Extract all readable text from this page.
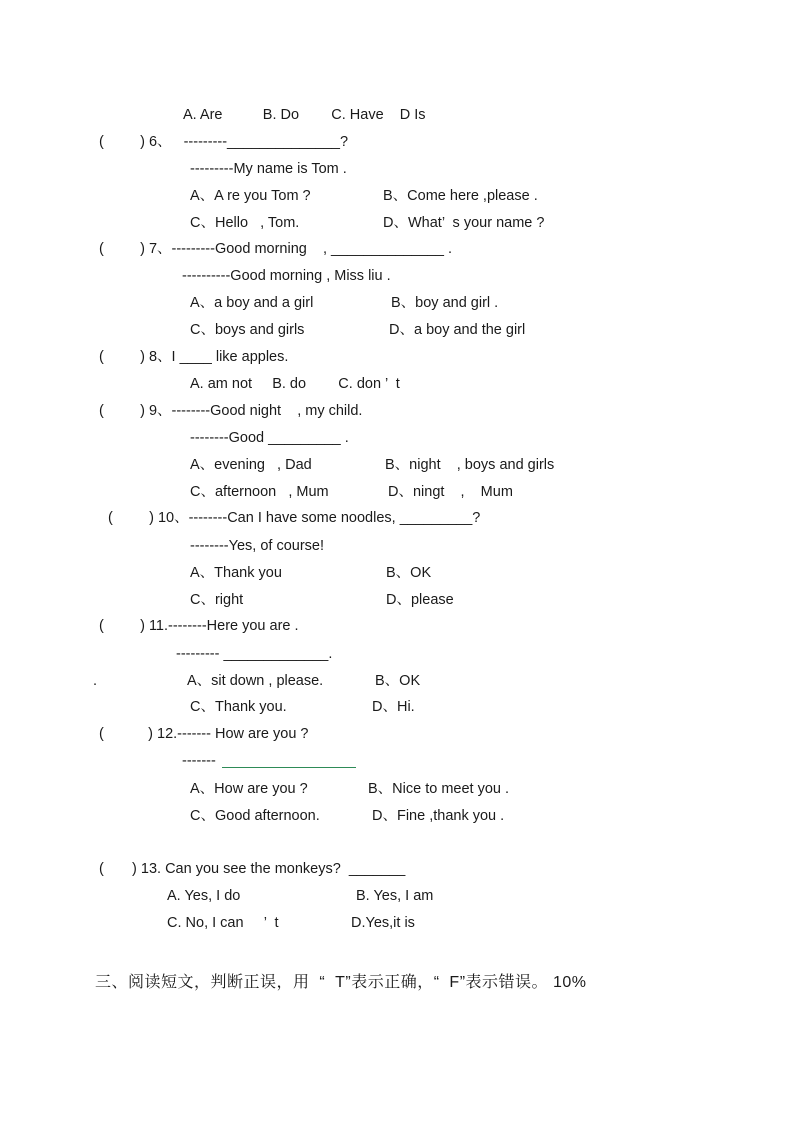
A. Are          B. Do        C. Have    D Is
(         ) 6、   ---------______________?
---------My name is Tom .
A、A re you Tom ?	B、Come here ,please .
C、Hello   , Tom.	D、What’  s your name ?
(         ) 7、---------Good morning    , ______________ .
----------Good morning , Miss liu .
A、a boy and a girl	B、boy and girl .
C、boys and girls	D、a boy and the girl
(         ) 8、I ____ like apples.
A. am not     B. do        C. don ’  t
(         ) 9、--------Good night    , my child.
--------Good _________ .
A、evening   , Dad	B、night    , boys and girls
C、afternoon   , Mum	D、ningt    ,    Mum
(         ) 10、--------Can I have some noodles, _________?
--------Yes, of course!
A、Thank you	B、OK
C、right	D、please
(         ) 11.--------Here you are .
--------- _____________.
.	A、sit down , please.	B、OK
C、Thank you.	D、Hi.
(           ) 12.------- How are you ?
-------
A、How are you ?	B、Nice to meet you .
C、Good afternoon.	D、Fine ,thank you .
(       ) 13. Can you see the monkeys?  _______
A. Yes, I do	B. Yes, I am
C. No, I can     ’  t	D.Yes,it is
三、阅读短文，判断正误，用  “  T”表示正确，“  F”表示错误。 10%
